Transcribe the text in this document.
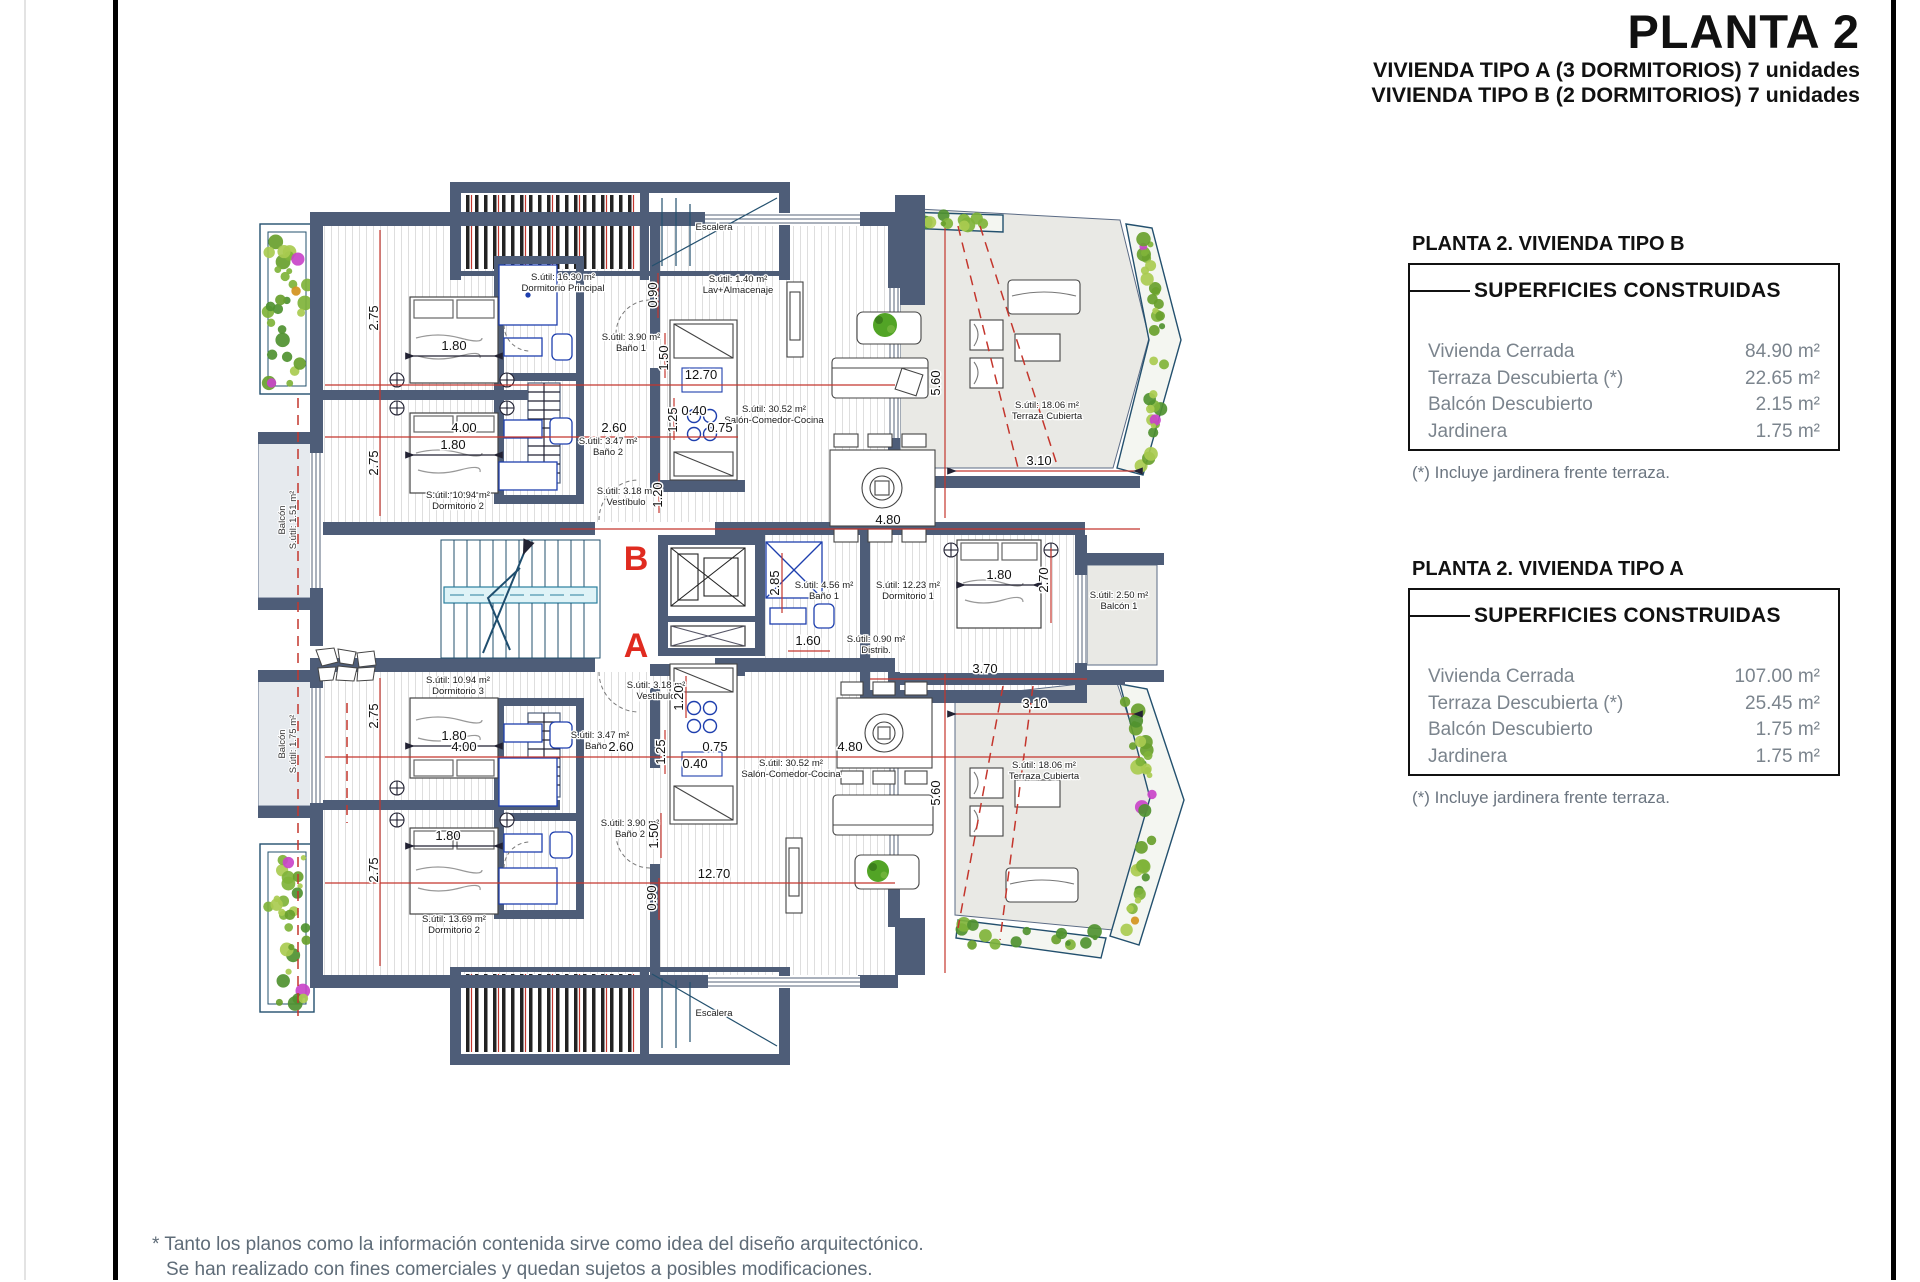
PLANTA 2
VIVIENDA TIPO A (3 DORMITORIOS) 7 unidades
VIVIENDA TIPO B (2 DORMITORIOS) 7 unidades
PLANTA 2. VIVIENDA TIPO B
SUPERFICIES CONSTRUIDAS
Vivienda Cerrada	84.90 m²
Terraza Descubierta (*)	22.65 m²
Balcón Descubierto	2.15 m²
Jardinera	1.75 m²
(*) Incluye jardinera frente terraza.
PLANTA 2. VIVIENDA TIPO A
SUPERFICIES CONSTRUIDAS
Vivienda Cerrada	107.00 m²
Terraza Descubierta (*)	25.45 m²
Balcón Descubierto	1.75 m²
Jardinera	1.75 m²
(*) Incluye jardinera frente terraza.
* Tanto los planos como la información contenida sirve como idea del diseño arquitectónico.
Se han realizado con fines comerciales y quedan sujetos a posibles modificaciones.
S.útil: 16.30 m² Dormitorio Principal
S.útil: 1.40 m² Lav+Almacenaje
Escalera
S.útil: 3.90 m² Baño 1
S.útil: 3.47 m² Baño 2
S.útil: 30.52 m² Salón-Comedor-Cocina
S.útil: 18.06 m² Terraza Cubierta
S.útil: 10.94 m² Dormitorio 2
S.útil: 3.18 m² Vestíbulo
S.útil: 3.18 m² Vestíbulo
S.útil: 10.94 m² Dormitorio 3
S.útil: 3.47 m² Baño 3
S.útil: 3.90 m² Baño 2
S.útil: 4.56 m² Baño 1
S.útil: 0.90 m² Distrib.
S.útil: 12.23 m² Dormitorio 1	S.útil: 2.50 m² Balcón 1
S.útil: 13.69 m² Dormitorio 2
S.útil: 30.52 m² Salón-Comedor-Cocina
S.útil: 18.06 m² Terraza Cubierta
Escalera
BalcónS.útil: 1.51 m²
BalcónS.útil: 1.75 m²
12.70
2.75
2.75
1.80
4.00
1.80
2.60
0.40
0.75
0.90
1.50
1.25
1.20
5.60
4.80
3.10
1.20
2.85
1.60
3.70
2.70
1.80
1.80
4.00	2.60	0.75	4.80
0.40
1.25
1.80	1.50
0.90
12.70
5.60
3.10
2.75
2.75
B
A
